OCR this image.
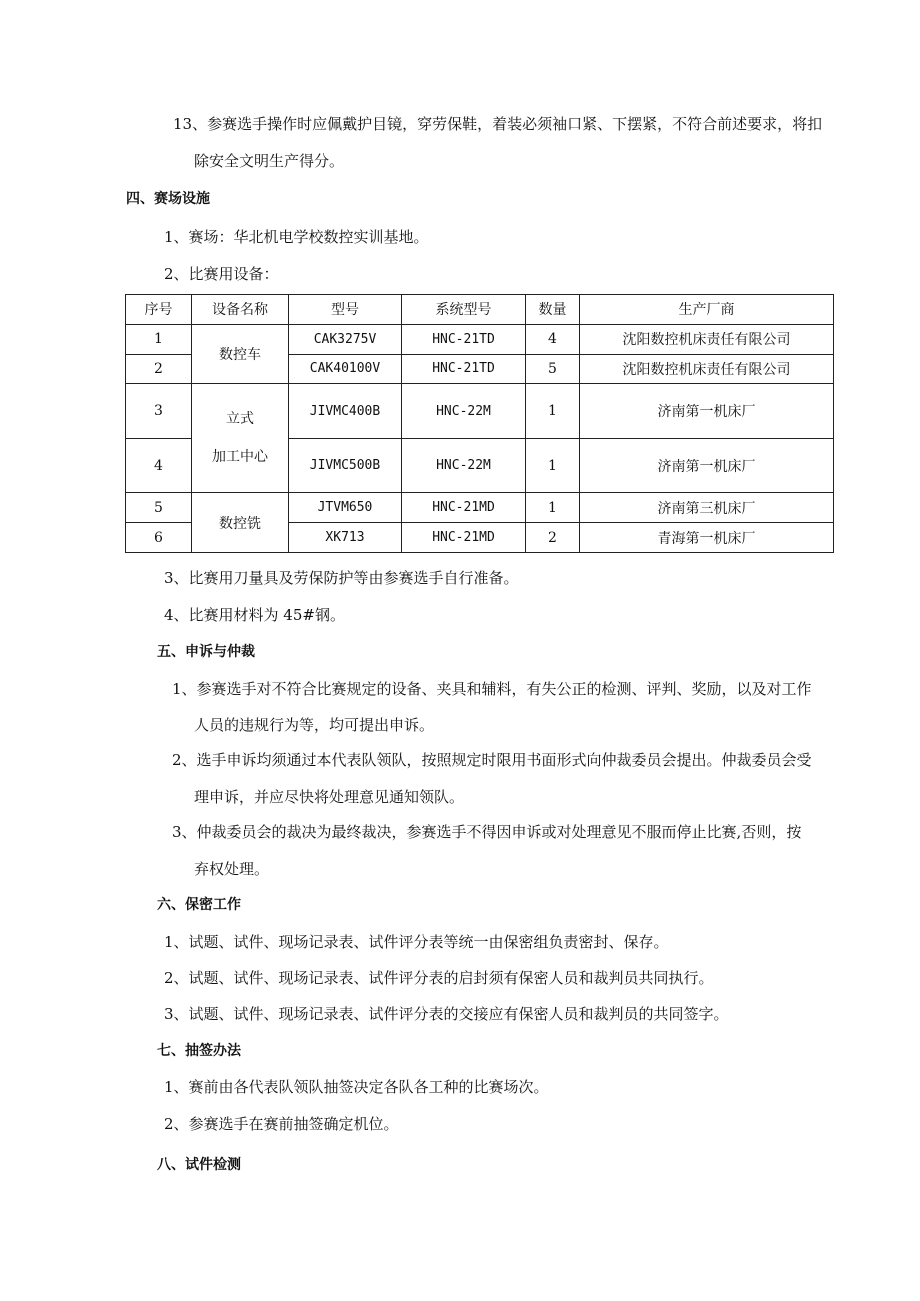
13、参赛选手操作时应佩戴护目镜，穿劳保鞋，着装必须袖口紧、下摆紧，不符合前述要求，将扣
除安全文明生产得分。
四、赛场设施
1、赛场：华北机电学校数控实训基地。
2、比赛用设备：
序号	设备名称	型号	系统型号	数量	生产厂商
1	数控车	CAK3275V	HNC-21TD	4	沈阳数控机床责任有限公司
2		CAK40100V	HNC-21TD	5	沈阳数控机床责任有限公司
3	立式
加工中心	JIVMC400B	HNC-22M	1	济南第一机床厂
4		JIVMC500B	HNC-22M	1	济南第一机床厂
5	数控铣	JTVM650	HNC-21MD	1	济南第三机床厂
6		XK713	HNC-21MD	2	青海第一机床厂
3、比赛用刀量具及劳保防护等由参赛选手自行准备。
4、比赛用材料为 45#钢。
五、申诉与仲裁
1、参赛选手对不符合比赛规定的设备、夹具和辅料，有失公正的检测、评判、奖励，以及对工作
人员的违规行为等，均可提出申诉。
2、选手申诉均须通过本代表队领队，按照规定时限用书面形式向仲裁委员会提出。仲裁委员会受
理申诉，并应尽快将处理意见通知领队。
3、仲裁委员会的裁决为最终裁决，参赛选手不得因申诉或对处理意见不服而停止比赛,否则，按
弃权处理。
六、保密工作
1、试题、试件、现场记录表、试件评分表等统一由保密组负责密封、保存。
2、试题、试件、现场记录表、试件评分表的启封须有保密人员和裁判员共同执行。
3、试题、试件、现场记录表、试件评分表的交接应有保密人员和裁判员的共同签字。
七、抽签办法
1、赛前由各代表队领队抽签决定各队各工种的比赛场次。
2、参赛选手在赛前抽签确定机位。
八、试件检测
